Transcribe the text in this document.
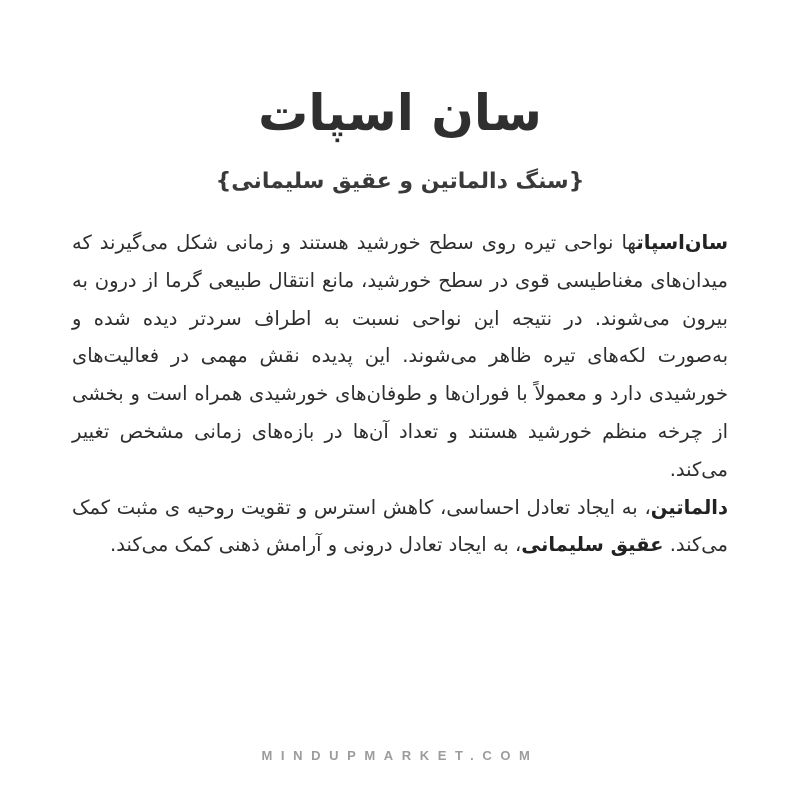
سان اسپات
{سنگ دالماتین و عقیق سلیمانی}

سان‌اسپاتها نواحی تیره روی سطح خورشید هستند و زمانی شکل می‌گیرند که میدان‌های مغناطیسی قوی در سطح خورشید، مانع انتقال طبیعی گرما از درون به بیرون می‌شوند. در نتیجه این نواحی نسبت به اطراف سردتر دیده شده و به‌صورت لکه‌های تیره ظاهر می‌شوند. این پدیده نقش مهمی در فعالیت‌های خورشیدی دارد و معمولاً با فوران‌ها و طوفان‌های خورشیدی همراه است و بخشی از چرخه منظم خورشید هستند و تعداد آن‌ها در بازه‌های زمانی مشخص تغییر می‌کند.

دالماتین، به ایجاد تعادل احساسی، کاهش استرس و تقویت روحیه ی مثبت کمک می‌کند. عقیق سلیمانی، به ایجاد تعادل درونی و آرامش ذهنی کمک می‌کند.

MINDUPMARKET.COM
